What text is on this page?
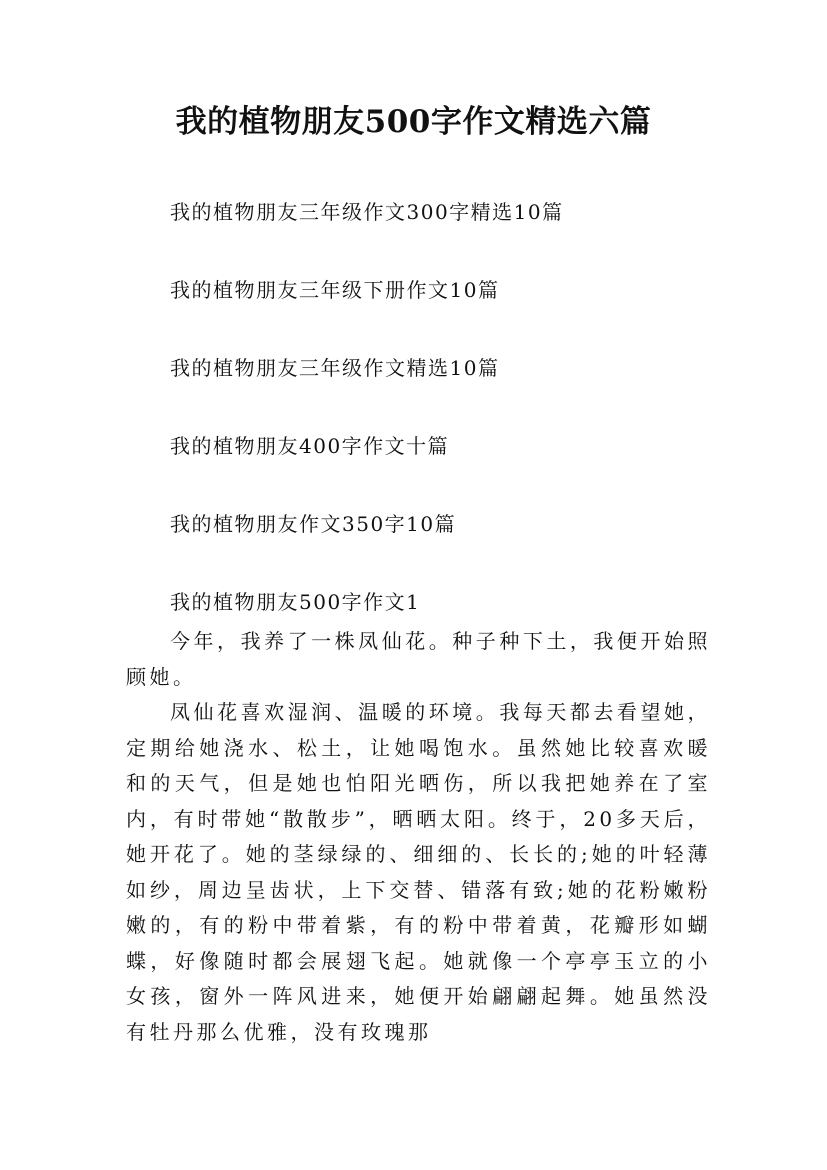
我的植物朋友500字作文精选六篇
我的植物朋友三年级作文300字精选10篇
我的植物朋友三年级下册作文10篇
我的植物朋友三年级作文精选10篇
我的植物朋友400字作文十篇
我的植物朋友作文350字10篇
我的植物朋友500字作文1

今年，我养了一株凤仙花。种子种下土，我便开始照顾她。

凤仙花喜欢湿润、温暖的环境。我每天都去看望她，定期给她浇水、松土，让她喝饱水。虽然她比较喜欢暖和的天气，但是她也怕阳光晒伤，所以我把她养在了室内，有时带她“散散步”，晒晒太阳。终于，20多天后，她开花了。她的茎绿绿的、细细的、长长的;她的叶轻薄如纱，周边呈齿状，上下交替、错落有致;她的花粉嫩粉嫩的，有的粉中带着紫，有的粉中带着黄，花瓣形如蝴蝶，好像随时都会展翅飞起。她就像一个亭亭玉立的小女孩，窗外一阵风进来，她便开始翩翩起舞。她虽然没有牡丹那么优雅，没有玫瑰那
